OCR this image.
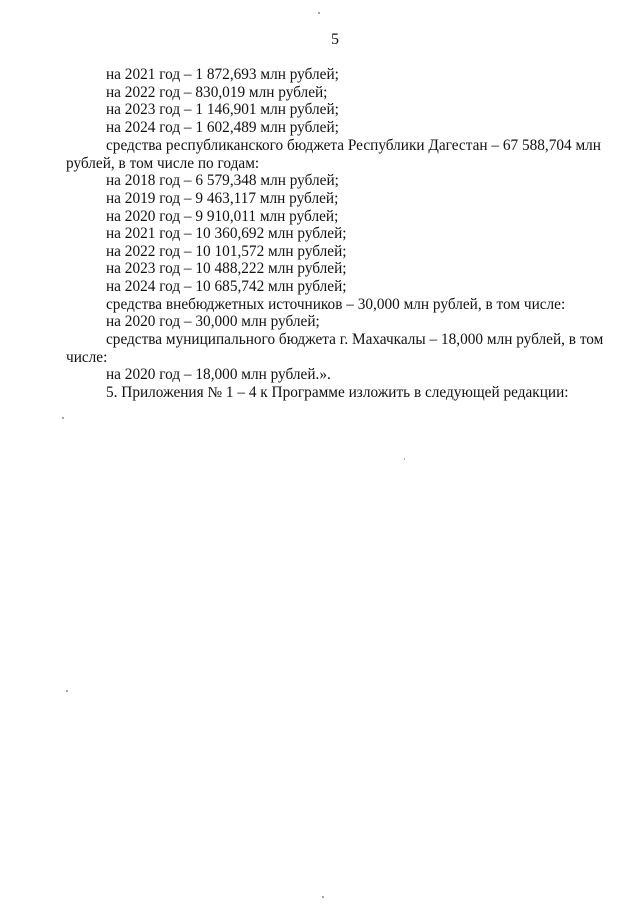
5
на 2021 год – 1 872,693 млн рублей;
на 2022 год – 830,019 млн рублей;
на 2023 год – 1 146,901 млн рублей;
на 2024 год – 1 602,489 млн рублей;
средства республиканского бюджета Республики Дагестан – 67 588,704 млн
рублей, в том числе по годам:
на 2018 год – 6 579,348 млн рублей;
на 2019 год – 9 463,117 млн рублей;
на 2020 год – 9 910,011 млн рублей;
на 2021 год – 10 360,692 млн рублей;
на 2022 год – 10 101,572 млн рублей;
на 2023 год – 10 488,222 млн рублей;
на 2024 год – 10 685,742 млн рублей;
средства внебюджетных источников – 30,000 млн рублей, в том числе:
на 2020 год – 30,000 млн рублей;
средства муниципального бюджета г. Махачкалы – 18,000 млн рублей, в том
числе:
на 2020 год – 18,000 млн рублей.».
5. Приложения № 1 – 4 к Программе изложить в следующей редакции:
